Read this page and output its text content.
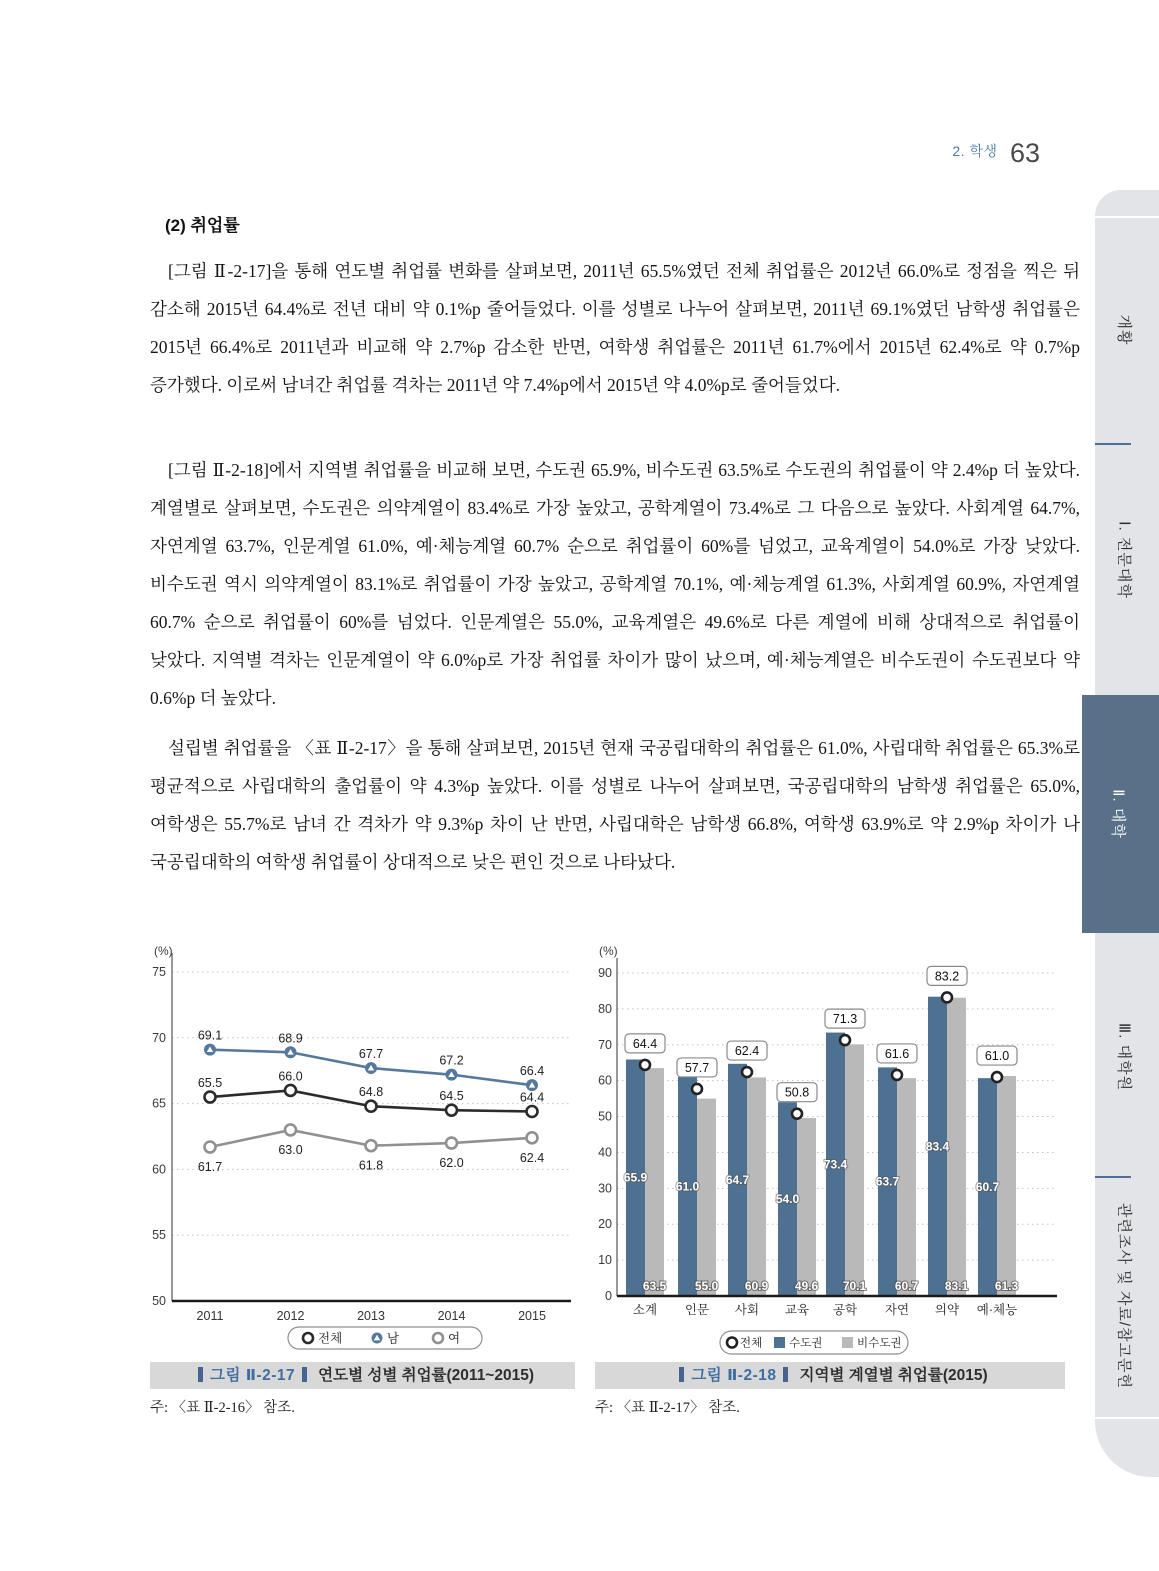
2. 학생 63
개황
Ⅰ. 전문대학
Ⅱ. 대학
Ⅲ. 대학원
관련조사 및 자료/참고문헌
(2) 취업률
[그림 Ⅱ-2-17]을 통해 연도별 취업률 변화를 살펴보면, 2011년 65.5%였던 전체 취업률은 2012년 66.0%로 정점을 찍은 뒤 감소해 2015년 64.4%로 전년 대비 약 0.1%p 줄어들었다. 이를 성별로 나누어 살펴보면, 2011년 69.1%였던 남학생 취업률은 2015년 66.4%로 2011년과 비교해 약 2.7%p 감소한 반면, 여학생 취업률은 2011년 61.7%에서 2015년 62.4%로 약 0.7%p 증가했다. 이로써 남녀간 취업률 격차는 2011년 약 7.4%p에서 2015년 약 4.0%p로 줄어들었다.
[그림 Ⅱ-2-18]에서 지역별 취업률을 비교해 보면, 수도권 65.9%, 비수도권 63.5%로 수도권의 취업률이 약 2.4%p 더 높았다. 계열별로 살펴보면, 수도권은 의약계열이 83.4%로 가장 높았고, 공학계열이 73.4%로 그 다음으로 높았다. 사회계열 64.7%, 자연계열 63.7%, 인문계열 61.0%, 예·체능계열 60.7% 순으로 취업률이 60%를 넘었고, 교육계열이 54.0%로 가장 낮았다. 비수도권 역시 의약계열이 83.1%로 취업률이 가장 높았고, 공학계열 70.1%, 예·체능계열 61.3%, 사회계열 60.9%, 자연계열 60.7% 순으로 취업률이 60%를 넘었다. 인문계열은 55.0%, 교육계열은 49.6%로 다른 계열에 비해 상대적으로 취업률이 낮았다. 지역별 격차는 인문계열이 약 6.0%p로 가장 취업률 차이가 많이 났으며, 예·체능계열은 비수도권이 수도권보다 약 0.6%p 더 높았다.
설립별 취업률을 〈표 Ⅱ-2-17〉을 통해 살펴보면, 2015년 현재 국공립대학의 취업률은 61.0%, 사립대학 취업률은 65.3%로 평균적으로 사립대학의 출업률이 약 4.3%p 높았다. 이를 성별로 나누어 살펴보면, 국공립대학의 남학생 취업률은 65.0%, 여학생은 55.7%로 남녀 간 격차가 약 9.3%p 차이 난 반면, 사립대학은 남학생 66.8%, 여학생 63.9%로 약 2.9%p 차이가 나 국공립대학의 여학생 취업률이 상대적으로 낮은 편인 것으로 나타났다.
50
55
60
65
70
75
(%)
2011	2012	2013	2014	2015
65.5	66.0
64.8	64.5	64.4
69.1	68.9
67.7	67.2
66.4
61.7
63.0
61.8	62.0	62.4
전체	남	여
0
10
20
30
40
50
60
70
80
90
(%)
65.9
63.5
64.4
소계
61.0
55.0
57.7
인문
64.7
60.9
62.4
사회
54.0
49.6
50.8
교육
73.4
70.1
71.3
공학
63.7
60.7
61.6
자연
83.4
83.1
83.2
의약
60.7
61.3
61.0
예·체능
전체 수도권	비수도권
그림 Ⅱ-2-17 연도별 성별 취업률(2011~2015)	그림 Ⅱ-2-18 지역별 계열별 취업률(2015)
주: 〈표 Ⅱ-2-16〉 참조.	주: 〈표 Ⅱ-2-17〉 참조.
